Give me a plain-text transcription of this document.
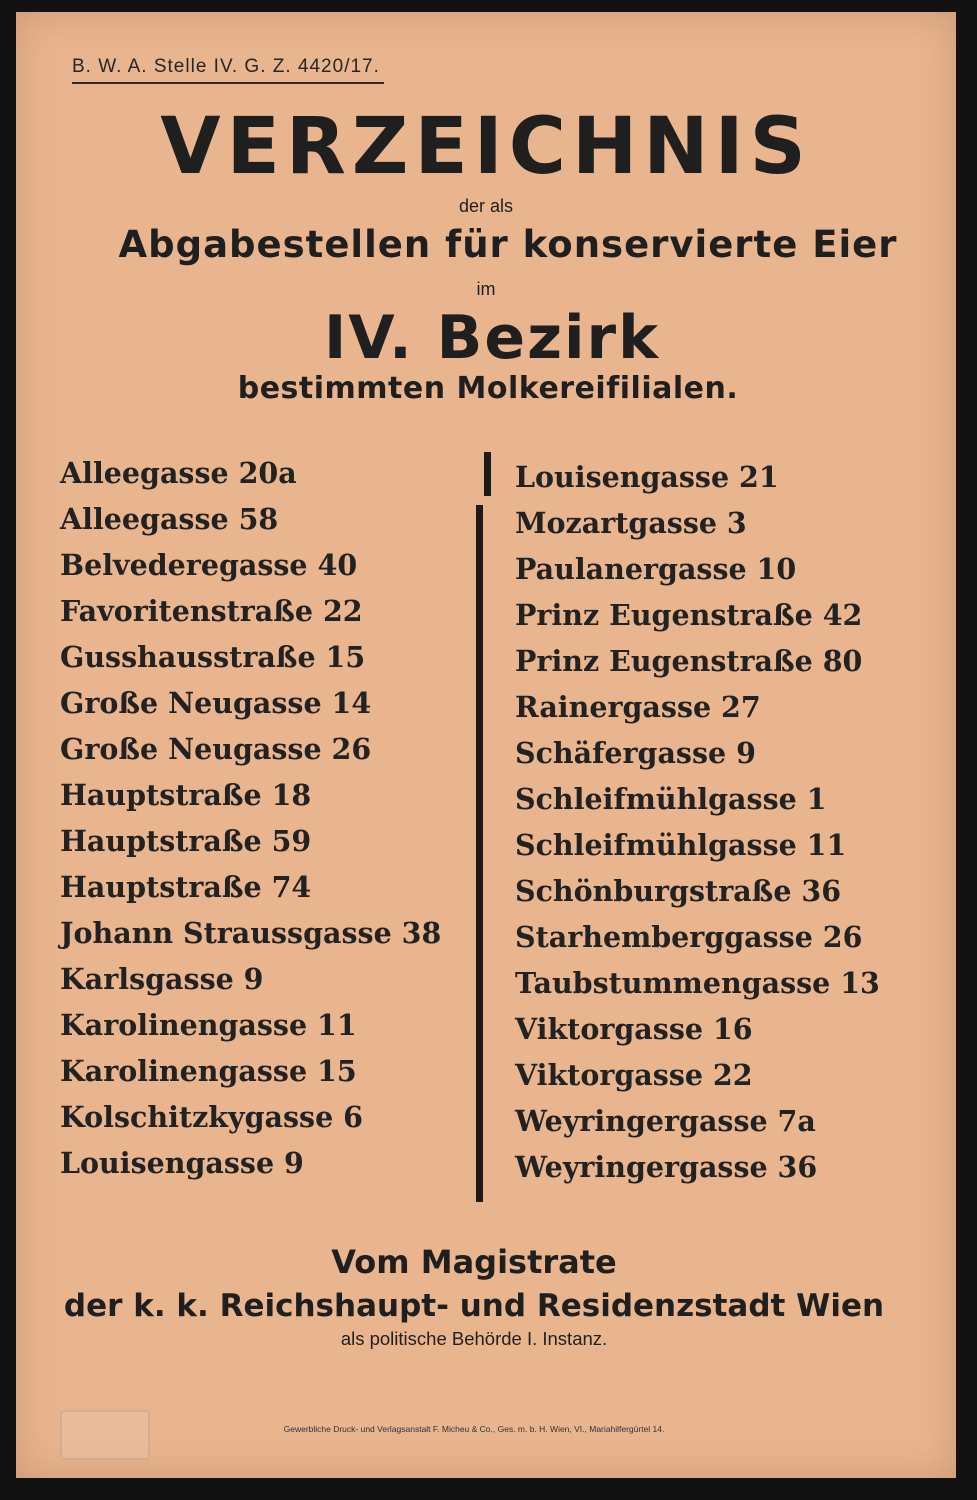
B. W. A. Stelle IV. G. Z. 4420/17.
VERZEICHNIS
der als
Abgabestellen für konservierte Eier
im
IV. Bezirk
bestimmten Molkereifilialen.
Alleegasse 20a
Alleegasse 58
Belvederegasse 40
Favoritenstraße 22
Gusshausstraße 15
Große Neugasse 14
Große Neugasse 26
Hauptstraße 18
Hauptstraße 59
Hauptstraße 74
Johann Straussgasse 38
Karlsgasse 9
Karolinengasse 11
Karolinengasse 15
Kolschitzkygasse 6
Louisengasse 9
Louisengasse 21
Mozartgasse 3
Paulanergasse 10
Prinz Eugenstraße 42
Prinz Eugenstraße 80
Rainergasse 27
Schäfergasse 9
Schleifmühlgasse 1
Schleifmühlgasse 11
Schönburgstraße 36
Starhemberggasse 26
Taubstummengasse 13
Viktorgasse 16
Viktorgasse 22
Weyringergasse 7a
Weyringergasse 36
Vom Magistrate
der k. k. Reichshaupt- und Residenzstadt Wien
als politische Behörde I. Instanz.
Gewerbliche Druck- und Verlagsanstalt F. Micheu & Co., Ges. m. b. H. Wien, VI., Mariahilfergürtel 14.
